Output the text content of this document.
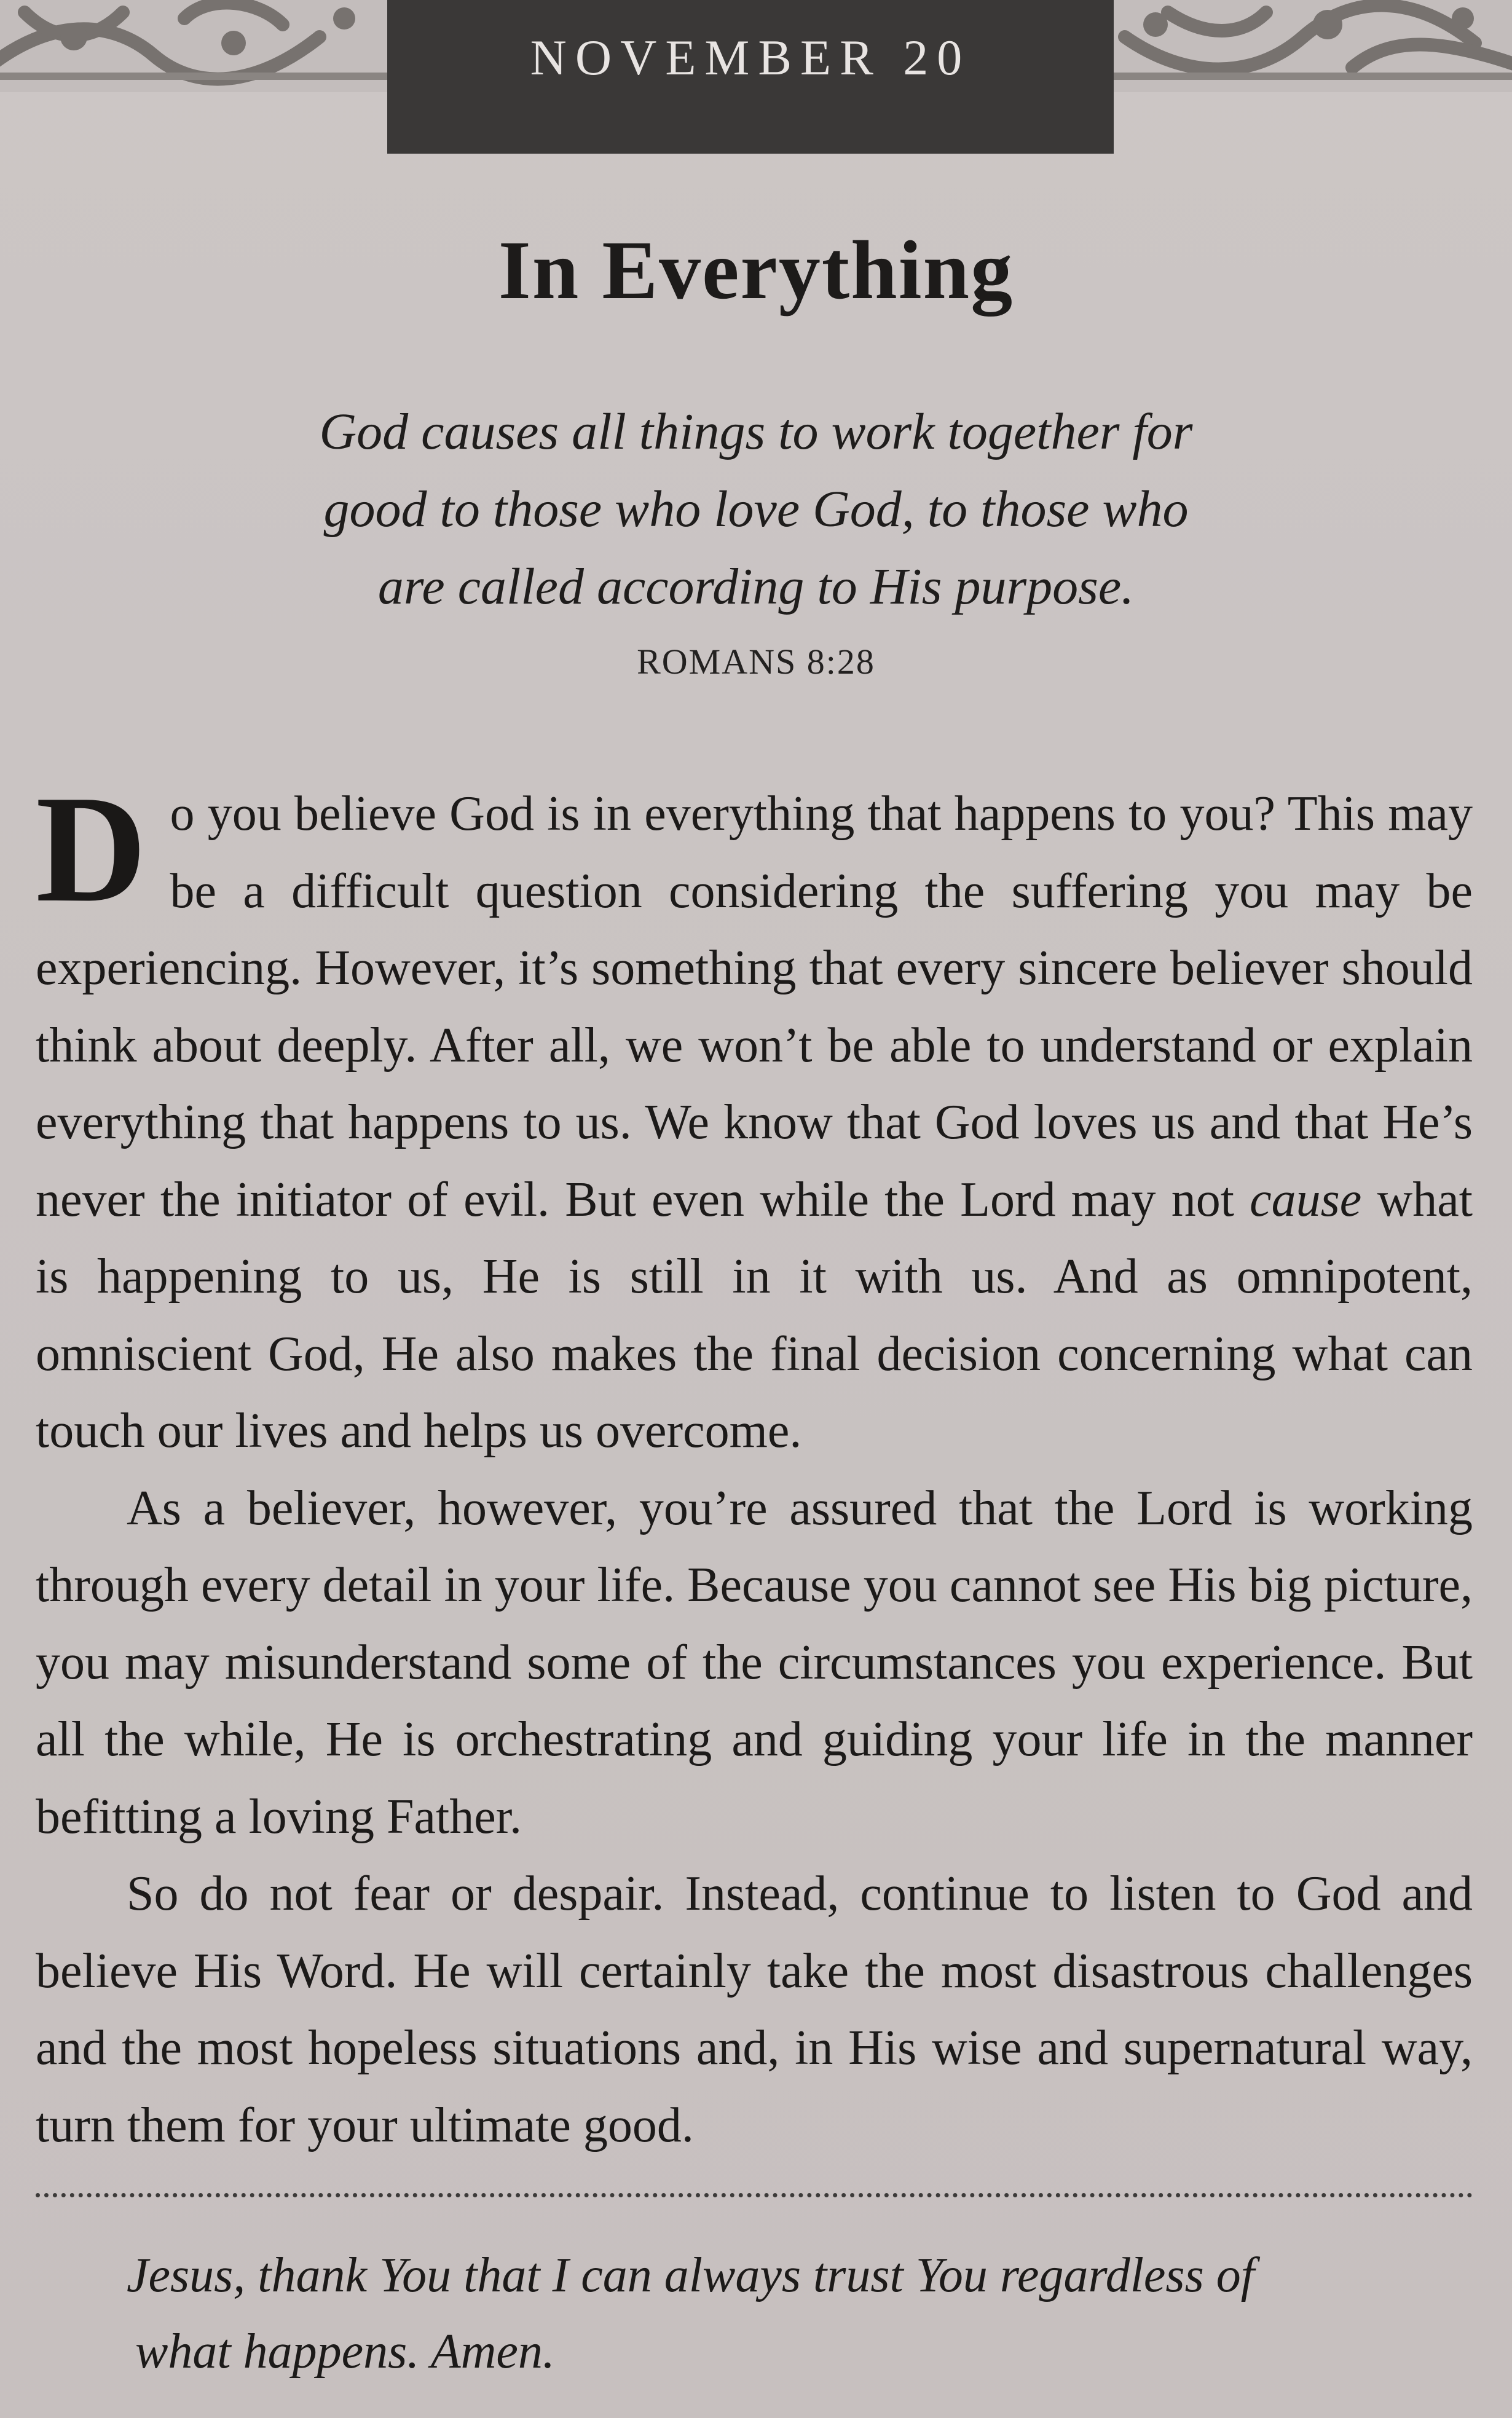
NOVEMBER 20
In Everything
God causes all things to work together for
good to those who love God, to those who
are called according to His purpose.
ROMANS 8:28

Do you believe God is in everything that happens to you? This may be a difficult question considering the suffering you may be experiencing. However, it’s something that every sincere believer should think about deeply. After all, we won’t be able to understand or explain everything that happens to us. We know that God loves us and that He’s never the initiator of evil. But even while the Lord may not cause what is happening to us, He is still in it with us. And as omnipotent, omniscient God, He also makes the final decision concerning what can touch our lives and helps us overcome.

As a believer, however, you’re assured that the Lord is working through every detail in your life. Because you cannot see His big picture, you may misunderstand some of the circumstances you experience. But all the while, He is orchestrating and guiding your life in the manner befitting a loving Father.

So do not fear or despair. Instead, continue to listen to God and believe His Word. He will certainly take the most disastrous challenges and the most hopeless situations and, in His wise and supernatural way, turn them for your ultimate good.

Jesus, thank You that I can always trust You regardless of
what happens. Amen.
